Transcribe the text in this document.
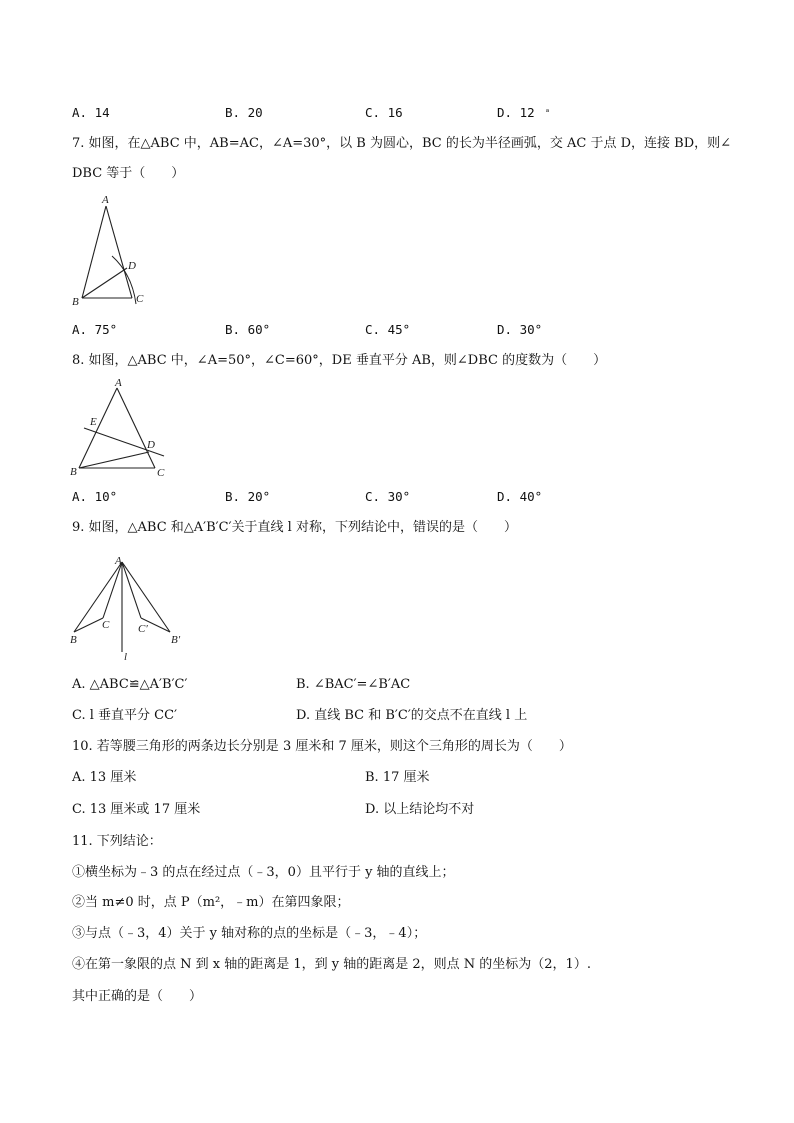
A. 14	B. 20	C. 16	D. 12 $^ᵃ$
7. 如图，在△ABC 中，AB=AC，∠A=30°，以 B 为圆心，BC 的长为半径画弧，交 AC 于点 D，连接 BD，则∠
DBC 等于（　　）
A
B	C
D
A. 75°	B. 60°	C. 45°	D. 30°
8. 如图，△ABC 中，∠A=50°，∠C=60°，DE 垂直平分 AB，则∠DBC 的度数为（　　）
A
B	C
D
E
A. 10°	B. 20°	C. 30°	D. 40°
9. 如图，△ABC 和△A′B′C′关于直线 l 对称，下列结论中，错误的是（　　）
A
B
C	C′
B′
l
A. △ABC≌△A′B′C′	B. ∠BAC′=∠B′AC
C. l 垂直平分 CC′	D. 直线 BC 和 B′C′的交点不在直线 l 上
10. 若等腰三角形的两条边长分别是 3 厘米和 7 厘米，则这个三角形的周长为（　　）
A. 13 厘米	B. 17 厘米
C. 13 厘米或 17 厘米	D. 以上结论均不对
11. 下列结论：
①横坐标为﹣3 的点在经过点（﹣3，0）且平行于 y 轴的直线上；
②当 m≠0 时，点 P（m²，﹣m）在第四象限；
③与点（﹣3，4）关于 y 轴对称的点的坐标是（﹣3，﹣4）；
④在第一象限的点 N 到 x 轴的距离是 1，到 y 轴的距离是 2，则点 N 的坐标为（2，1）.
其中正确的是（　　）
